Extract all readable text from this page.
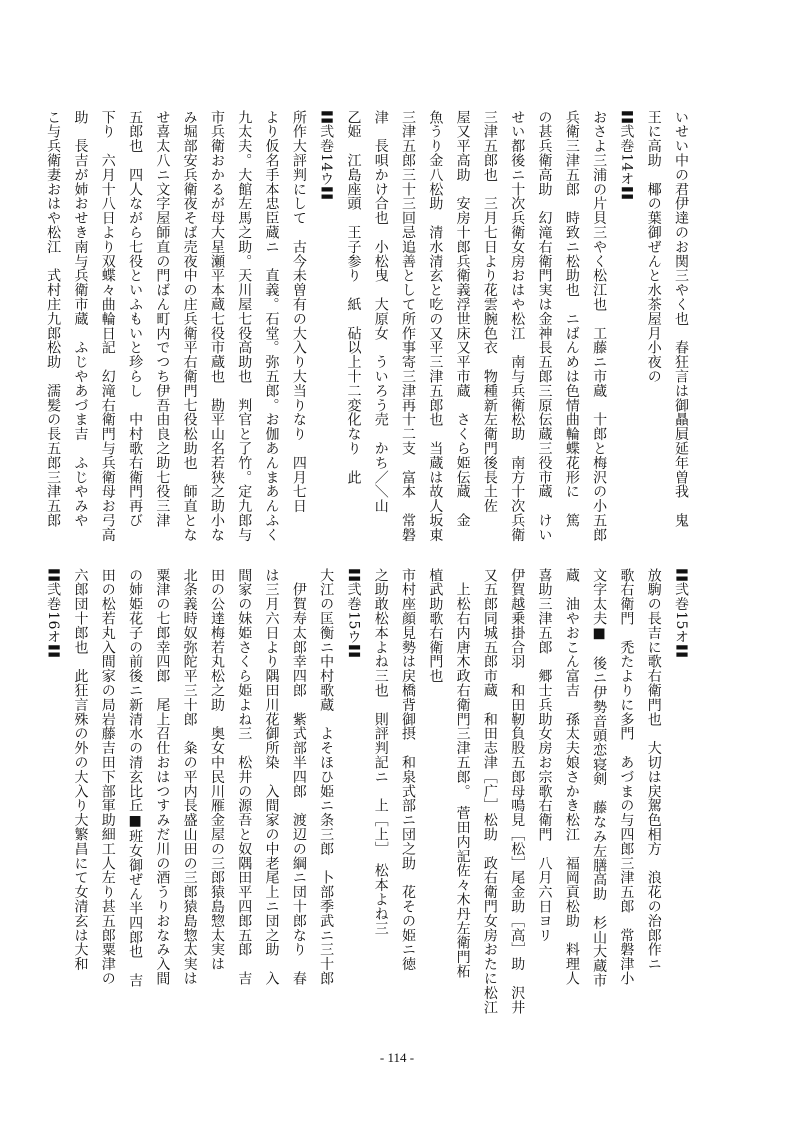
いせい中の君伊達のお関三やく也　春狂言は御贔屓延年曽我　鬼
王に高助　椰の葉御ぜんと水茶屋月小夜の
〓弐巻14オ〓
おさよ三浦の片貝三やく松江也　工藤ニ市蔵　十郎と梅沢の小五郎
兵衛三津五郎　時致ニ松助也　ニばんめは色情曲輪蝶花形に　篤
の甚兵衛高助　幻滝右衛門実は金神長五郎三原伝蔵三役市蔵　けい
せい都後ニ十次兵衛女房おはや松江　南与兵衛松助　南方十次兵衛
三津五郎也　三月七日より花雲腕色衣　物種新左衛門後長土佐
屋又平高助　安房十郎兵衛義浮世床又平市蔵　さくら姫伝蔵　金
魚うり金八松助　清水清玄と吃の又平三津五郎也　当蔵は故人坂東
三津五郎三十三回忌追善として所作事寄三津再十二支　富本　常磐
津　長唄かけ合也　小松曳　大原女　ういろう売　かち／＼山
乙姫　江島座頭　王子参り　紙　砧以上十二変化なり　此
〓弐巻14ウ〓
所作大評判にして　古今未曽有の大入り大当りなり　四月七日
より仮名手本忠臣蔵ニ　直義。石堂。弥五郎。お伽あんまあんふく
九太夫。大館左馬之助。天川屋七役高助也　判官と了竹。定九郎与
市兵衛おかるが母大星瀬平本蔵七役市蔵也　勘平山名若狭之助小な
み堀部安兵衛夜そば売夜中の庄兵衛平右衛門七役松助也　師直とな
せ喜太八ニ文字屋師直の門ばん町内でつち伊吾由良之助七役三津
五郎也　四人ながら七役といふもいと珍らし　中村歌右衛門再び
下り　六月十八日より双蝶々曲輪日記　幻滝右衛門与兵衛母お弓高
助　長吉が姉おせき南与兵衛市蔵　ふじやあづま吉　ふじやみや
こ与兵衛妻おはや松江　式村庄九郎松助　濡髪の長五郎三津五郎
〓弐巻15オ〓
放駒の長吉に歌右衛門也　大切は戻駕色相方　浪花の治郎作ニ
歌右衛門　禿たよりに多門　あづまの与四郎三津五郎　常磐津小
文字太夫■　後ニ伊勢音頭恋寝剣　藤なみ左膳高助　杉山大蔵市
蔵　油やおこん富吉　孫太夫娘さかき松江　福岡貢松助　料理人
喜助三津五郎　郷士兵助女房お宗歌右衛門　八月六日ヨリ
伊賀越乗掛合羽　和田靭負股五郎母鳴見［松］尾金助［高］助　沢井
又五郎同城五郎市蔵　和田志津［广］松助　政右衛門女房おたに松江
　上松右内唐木政右衛門三津五郎。　菅田内記佐々木丹左衛門柘
植武助歌右衛門也
市村座顔見勢は戻橋背御摂　和泉式部ニ団之助　花その姫ニ徳
之助敢松本よね三也　則評判記ニ　上［上］　松本よね三
〓弐巻15ウ〓
大江の匡衡ニ中村歌蔵　よそほひ姫ニ条三郎　卜部季武ニ三十郎
　伊賀寿太郎幸四郎　紫式部半四郎　渡辺の綱ニ団十郎なり　春
は三月六日より隅田川花御所染　入間家の中老尾上ニ団之助　入
間家の妹姫さくら姫よね三　松井の源吾と奴隅田平四郎五郎　吉
田の公達梅若丸松之助　奥女中民川雁金屋の三郎猿島惣太実は
北条義時奴弥陀平三十郎　粂の平内長盛山田の三郎猿島惣太実は
粟津の七郎幸四郎　尾上召仕おはつすみだ川の酒うりおなみ入間
の姉姫花子の前後ニ新清水の清玄比丘■班女御ぜん半四郎也　吉
田の松若丸入間家の局岩藤吉田下部軍助細工人左り甚五郎粟津の
六郎団十郎也　此狂言殊の外の大入り大繁昌にて女清玄は大和
〓弐巻16オ〓
- 114 -
